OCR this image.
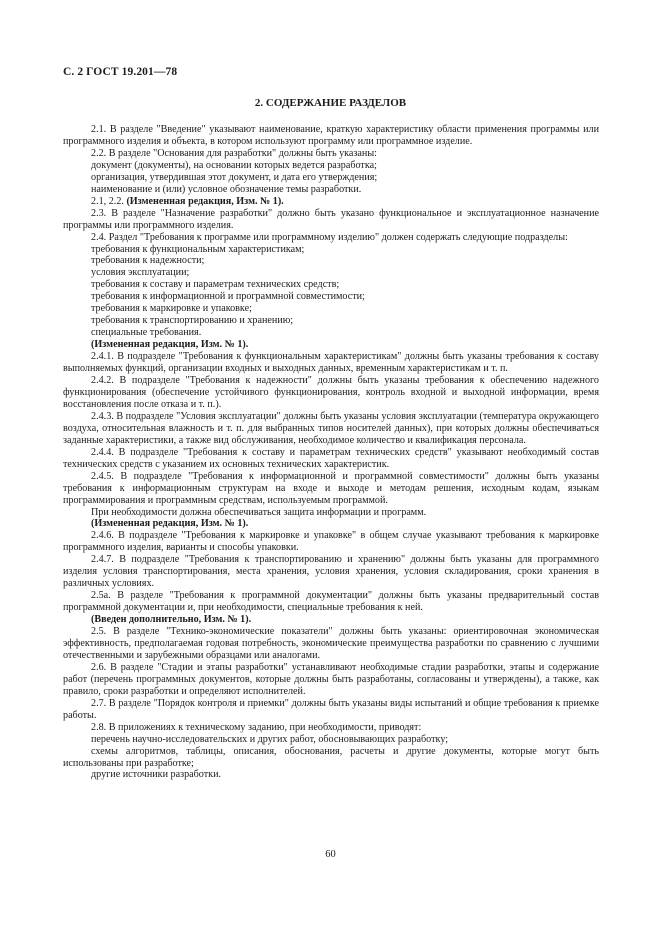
С. 2 ГОСТ 19.201—78
2. СОДЕРЖАНИЕ РАЗДЕЛОВ

2.1. В разделе "Введение" указывают наименование, краткую характеристику области применения программы или программного изделия и объекта, в котором используют программу или программное изделие.

2.2. В разделе "Основания для разработки" должны быть указаны:

документ (документы), на основании которых ведется разработка;

организация, утвердившая этот документ, и дата его утверждения;

наименование и (или) условное обозначение темы разработки.

2.1, 2.2. (Измененная редакция, Изм. № 1).

2.3. В разделе "Назначение разработки" должно быть указано функциональное и эксплуатационное назначение программы или программного изделия.

2.4. Раздел "Требования к программе или программному изделию" должен содержать следующие подразделы:

требования к функциональным характеристикам;

требования к надежности;

условия эксплуатации;

требования к составу и параметрам технических средств;

требования к информационной и программной совместимости;

требования к маркировке и упаковке;

требования к транспортированию и хранению;

специальные требования.

(Измененная редакция, Изм. № 1).

2.4.1. В подразделе "Требования к функциональным характеристикам" должны быть указаны требования к составу выполняемых функций, организации входных и выходных данных, временным характеристикам и т. п.

2.4.2. В подразделе "Требования к надежности" должны быть указаны требования к обеспечению надежного функционирования (обеспечение устойчивого функционирования, контроль входной и выходной информации, время восстановления после отказа и т. п.).

2.4.3. В подразделе "Условия эксплуатации" должны быть указаны условия эксплуатации (температура окружающего воздуха, относительная влажность и т. п. для выбранных типов носителей данных), при которых должны обеспечиваться заданные характеристики, а также вид обслуживания, необходимое количество и квалификация персонала.

2.4.4. В подразделе "Требования к составу и параметрам технических средств" указывают необходимый состав технических средств с указанием их основных технических характеристик.

2.4.5. В подразделе "Требования к информационной и программной совместимости" должны быть указаны требования к информационным структурам на входе и выходе и методам решения, исходным кодам, языкам программирования и программным средствам, используемым программой.

При необходимости должна обеспечиваться защита информации и программ.

(Измененная редакция, Изм. № 1).

2.4.6. В подразделе "Требования к маркировке и упаковке" в общем случае указывают требования к маркировке программного изделия, варианты и способы упаковки.

2.4.7. В подразделе "Требования к транспортированию и хранению" должны быть указаны для программного изделия условия транспортирования, места хранения, условия хранения, условия складирования, сроки хранения в различных условиях.

2.5а. В разделе "Требования к программной документации" должны быть указаны предварительный состав программной документации и, при необходимости, специальные требования к ней.

(Введен дополнительно, Изм. № 1).

2.5. В разделе "Технико-экономические показатели" должны быть указаны: ориентировочная экономическая эффективность, предполагаемая годовая потребность, экономические преимущества разработки по сравнению с лучшими отечественными и зарубежными образцами или аналогами.

2.6. В разделе "Стадии и этапы разработки" устанавливают необходимые стадии разработки, этапы и содержание работ (перечень программных документов, которые должны быть разработаны, согласованы и утверждены), а также, как правило, сроки разработки и определяют исполнителей.

2.7. В разделе "Порядок контроля и приемки" должны быть указаны виды испытаний и общие требования к приемке работы.

2.8. В приложениях к техническому заданию, при необходимости, приводят:

перечень научно-исследовательских и других работ, обосновывающих разработку;

схемы алгоритмов, таблицы, описания, обоснования, расчеты и другие документы, которые могут быть использованы при разработке;

другие источники разработки.

60
